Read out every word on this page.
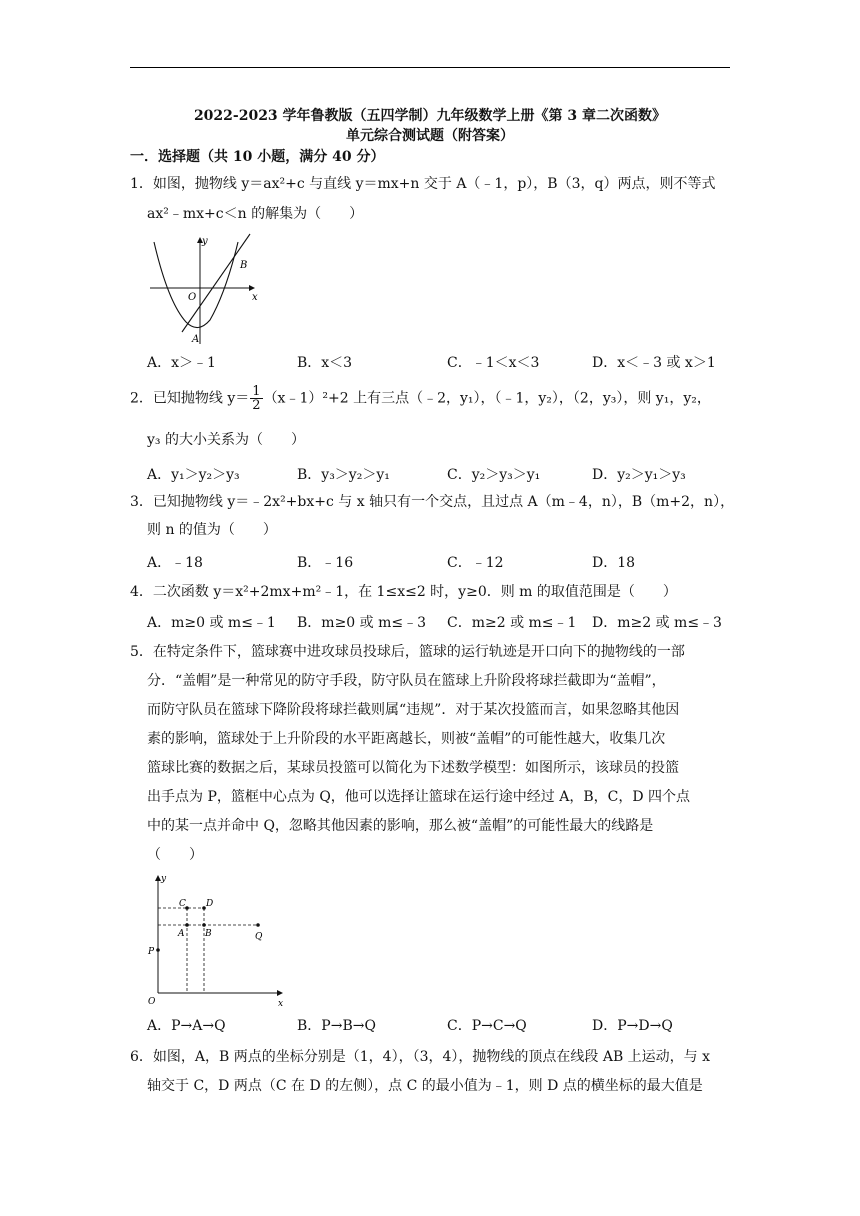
2022-2023 学年鲁教版（五四学制）九年级数学上册《第 3 章二次函数》
单元综合测试题（附答案）
一．选择题（共 10 小题，满分 40 分）
1．如图，抛物线 y＝ax²+c 与直线 y＝mx+n 交于 A（﹣1，p），B（3，q）两点，则不等式
ax²﹣mx+c＜n 的解集为（　　）
y
x
O
A
B
A．x＞﹣1	B．x＜3	C．﹣1＜x＜3	D．x＜﹣3 或 x＞1
2．已知抛物线 $y= \frac{1}{2}$ （x﹣1）²+2 上有三点（﹣2，y₁），（﹣1，y₂），（2，y₃），则 y₁，y₂，
y₃ 的大小关系为（　　）
A．y₁＞y₂＞y₃	B．y₃＞y₂＞y₁	C．y₂＞y₃＞y₁	D．y₂＞y₁＞y₃
3．已知抛物线 y＝﹣2x²+bx+c 与 x 轴只有一个交点，且过点 A（m﹣4，n），B（m+2，n），
则 n 的值为（　　）
A．﹣18	B．﹣16	C．﹣12	D．18
4．二次函数 y＝x²+2mx+m²﹣1，在 1≤x≤2 时，y≥0．则 m 的取值范围是（　　）
A．m≥0 或 m≤﹣1 B．m≥0 或 m≤﹣3 C．m≥2 或 m≤﹣1 D．m≥2 或 m≤﹣3
5．在特定条件下，篮球赛中进攻球员投球后，篮球的运行轨迹是开口向下的抛物线的一部
分．“盖帽”是一种常见的防守手段，防守队员在篮球上升阶段将球拦截即为“盖帽”，
而防守队员在篮球下降阶段将球拦截则属“违规”．对于某次投篮而言，如果忽略其他因
素的影响，篮球处于上升阶段的水平距离越长，则被“盖帽”的可能性越大，收集几次
篮球比赛的数据之后，某球员投篮可以简化为下述数学模型：如图所示，该球员的投篮
出手点为 P，篮框中心点为 Q，他可以选择让篮球在运行途中经过 A，B，C，D 四个点
中的某一点并命中 Q，忽略其他因素的影响，那么被“盖帽”的可能性最大的线路是
（　　）
y
x
O
P
A B
C D
Q
A．P→A→Q	B．P→B→Q	C．P→C→Q	D．P→D→Q
6．如图，A，B 两点的坐标分别是（1，4），（3，4），抛物线的顶点在线段 AB 上运动，与 x
轴交于 C，D 两点（C 在 D 的左侧），点 C 的最小值为﹣1，则 D 点的横坐标的最大值是
